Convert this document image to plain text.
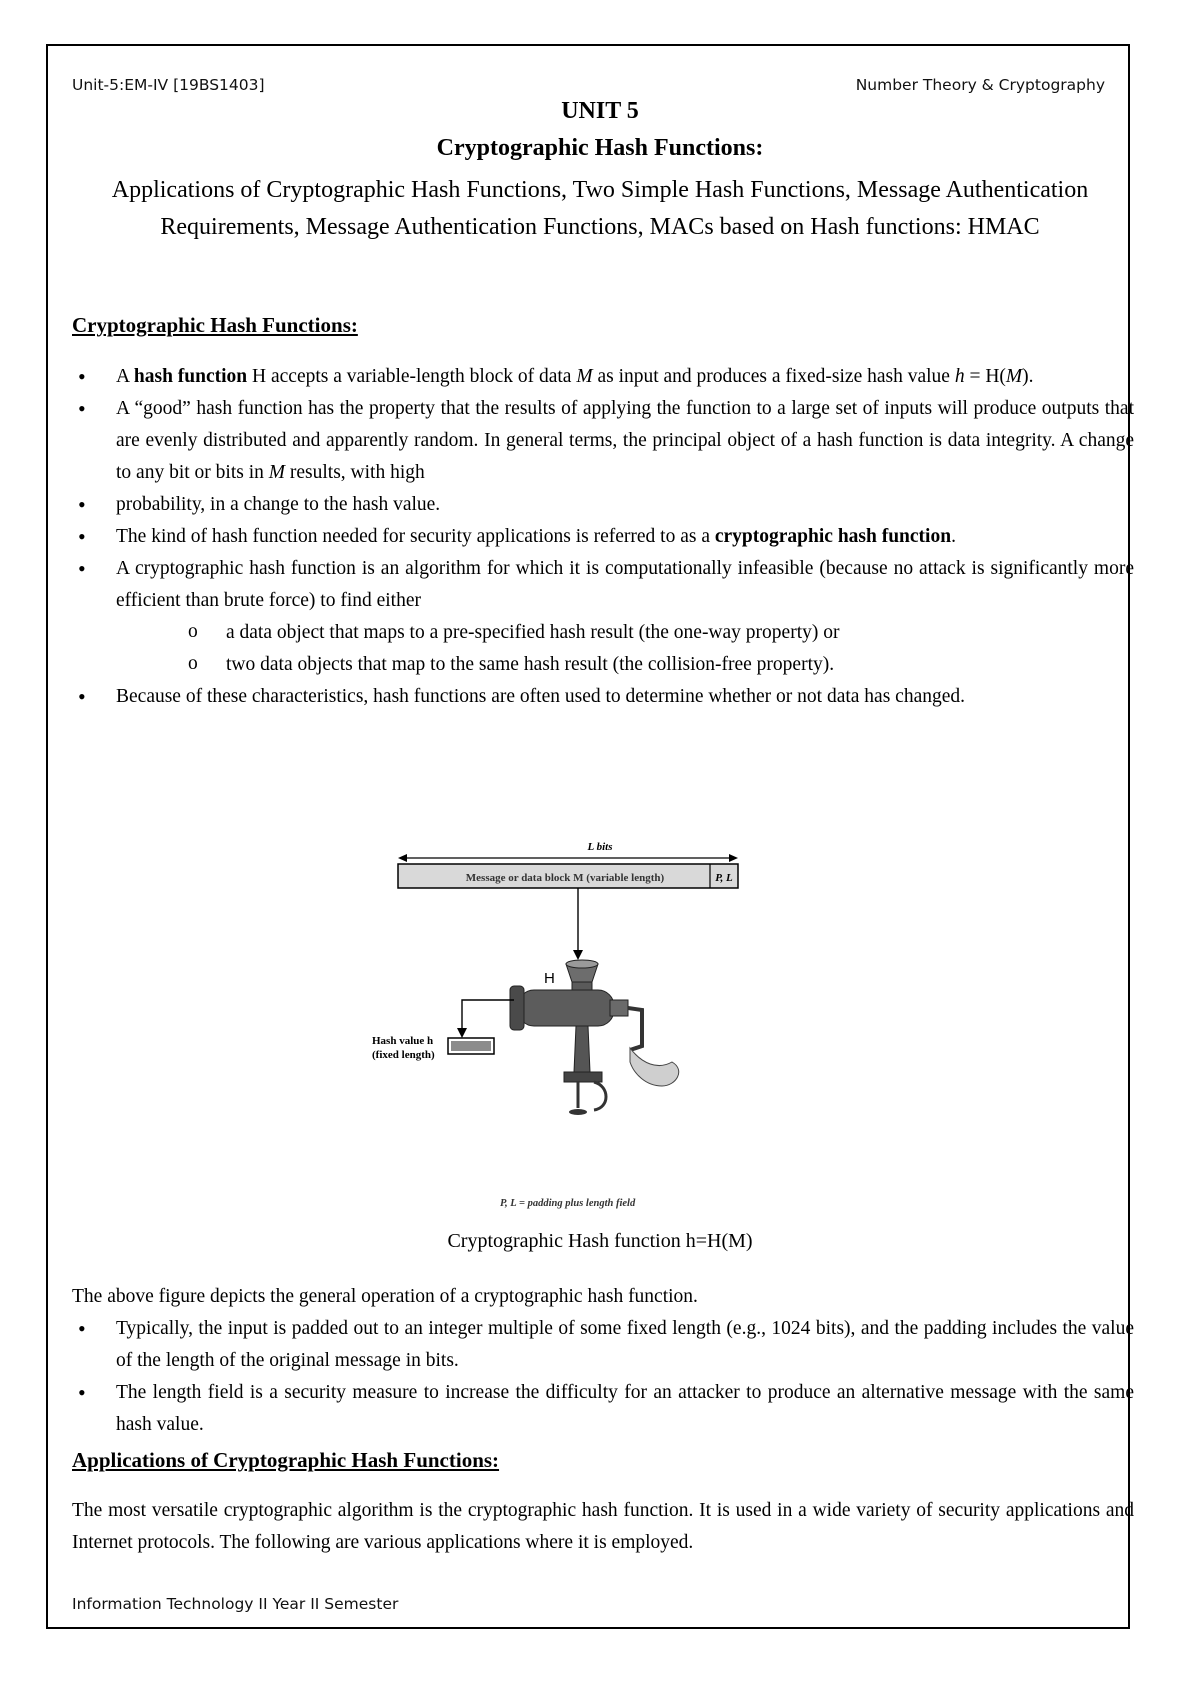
Unit-5:EM-IV [19BS1403]	Number Theory & Cryptography
UNIT 5
Cryptographic Hash Functions:
Applications of Cryptographic Hash Functions, Two Simple Hash Functions, Message Authentication Requirements, Message Authentication Functions, MACs based on Hash functions: HMAC
Cryptographic Hash Functions:
• A hash function H accepts a variable-length block of data M as input and produces a fixed-size hash value h = H(M).
• A “good” hash function has the property that the results of applying the function to a large set of inputs will produce outputs that are evenly distributed and apparently random. In general terms, the principal object of a hash function is data integrity. A change to any bit or bits in M results, with high
• probability, in a change to the hash value.
• The kind of hash function needed for security applications is referred to as a cryptographic hash function.
• A cryptographic hash function is an algorithm for which it is computationally infeasible (because no attack is significantly more efficient than brute force) to find either
o a data object that maps to a pre-specified hash result (the one-way property) or
o two data objects that map to the same hash result (the collision-free property).
• Because of these characteristics, hash functions are often used to determine whether or not data has changed.
L bits
Message or data block M (variable length)	P, L
H
Hash value h
(fixed length)
P, L = padding plus length field
Cryptographic Hash function h=H(M)
The above figure depicts the general operation of a cryptographic hash function.
• Typically, the input is padded out to an integer multiple of some fixed length (e.g., 1024 bits), and the padding includes the value of the length of the original message in bits.
• The length field is a security measure to increase the difficulty for an attacker to produce an alternative message with the same hash value.
Applications of Cryptographic Hash Functions:
The most versatile cryptographic algorithm is the cryptographic hash function. It is used in a wide variety of security applications and Internet protocols. The following are various applications where it is employed.
Information Technology II Year II Semester
